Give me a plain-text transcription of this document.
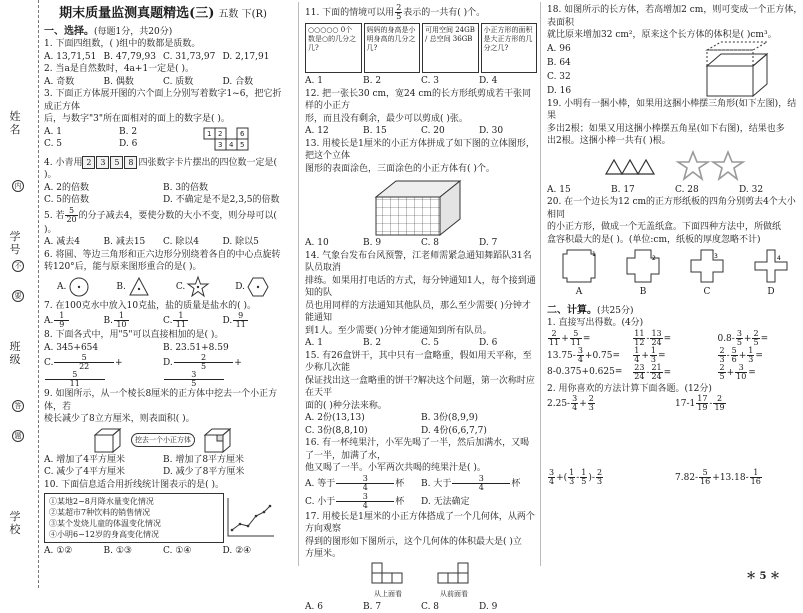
姓名
学号
班级
学校
内
不
要
答
题
期末质量监测真题精选(三) 五数 下(R)
一、选择。(每题1分，共20分)

1. 下面四组数，( )组中的数都是质数。

A. 13,71,51 B. 47,79,93 C. 31,73,97 D. 2,17,91

2. 当a是自然数时，4a+1一定是( )。

A. 奇数	B. 偶数	C. 质数	D. 合数

3. 下面正方体展开图的六个面上分别写着数字1~6，把它折成正方体
后，与数字"3"所在面相对的面上的数字是( )。

A. 1	B. 2
C. 5	D. 6
1 2
3 4 5
6

4. 小青用 2	3	5	8 四张数字卡片摆出的四位数一定是( )。

A. 2的倍数	B. 3的倍数
C. 5的倍数	D. 不确定是不是2,3,5的倍数

5. 若 $\frac{5}{20}$ 的分子减去4，要使分数的大小不变，则分母可以( )。

A. 减去4	B. 减去15	C. 除以4	D. 除以5

6. 将圆、等边三角形和正六边形分别绕着各自的中心点旋转
转120°后，能与原来图形重合的是( )。

A.	B.	C.	D.

7. 在100克水中放入10克盐，盐的质量是盐水的( )。

A. $\frac{1}{9}$	B. $\frac{1}{10}$	C. $\frac{1}{11}$	D. $\frac{9}{11}$

8. 下面各式中，用"5"可以直接相加的是( )。

A. 345+654	B. 23.51+8.59
C. $\frac{5}{22}$ +
$\frac{5}{11}$
D. $\frac{2}{5}$ +
$\frac{3}{5}$

9. 如图所示，从一个棱长8厘米的正方体中挖去一个小正方体，若
棱长减少了8立方厘米，则表面积( )。

挖去一个小正方体
A. 增加了4平方厘米	B. 增加了8平方厘米
C. 减少了4平方厘米	D. 减少了8平方厘米

10. 下面信息适合用折线统计图表示的是( )。

①某地2~8月降水量变化情况
②某超市7种饮料的销售情况
③某个发烧儿童的体温变化情况
④小明6~12岁的身高变化情况
A. ①②	B. ①③	C. ①④	D. ②④

11. 下面的情境可以用 $\frac{2}{5}$ 表示的一共有( )个。

○○○○○ 0个数是○的几分之几?
妈妈的身高是小明身高的几分之几?
可用空间 24GB / 总空间 36GB
小正方形的面积是大正方形的几分之几?
A. 1	B. 2	C. 3	D. 4

12. 把一张长30 cm，宽24 cm的长方形纸剪成若干张同样的小正方
形，而且没有剩余，最少可以剪成( )张。

A. 12	B. 15	C. 20	D. 30

13. 用棱长是1厘米的小正方体拼成了如下图的立体图形，把这个立体
图形的表面涂色，三面涂色的小正方体有( )个。

A. 10	B. 9	C. 8	D. 7

14. 气象台发布台风预警，江老师需紧急通知舞蹈队31名队员取消
排练。如果用打电话的方式，每分钟通知1人，每个接到通知的队
员也用同样的方法通知其他队员，那么至少需要( )分钟才能通知
到1人。至少需要( )分钟才能通知到所有队员。

A. 1	B. 2	C. 5	D. 6

15. 有26盒饼干，其中只有一盒略重，假如用天平称，至少称几次能
保证找出这一盒略重的饼干?解决这个问题，第一次称时应在天平
面的( )种分法来称。

A. 2份(13,13)	B. 3份(8,9,9)
C. 3份(8,8,10)	D. 4份(6,6,7,7)

16. 有一杯纯果汁，小军先喝了一半，然后加满水，又喝了一半，加满了水，
他又喝了一半。小军两次共喝的纯果汁是( )。

A. 等于 $\frac{3}{4}$ 杯	B. 大于 $\frac{3}{4}$ 杯
C. 小于 $\frac{3}{4}$ 杯	D. 无法确定

17. 用棱长是1厘米的小正方体搭成了一个几何体，从两个方向观察
得到的图形如下图所示，这个几何体的体积最大是( )立
方厘米。

从上面看	从前面看
A. 6	B. 7	C. 8	D. 9

18. 如图所示的长方体，若高增加2 cm，则可变成一个正方体，表面积
就比原来增加32 cm²，原来这个长方体的体积是( )cm³。

A. 96
B. 64
C. 32
D. 16

19. 小明有一捆小棒，如果用这捆小棒摆三角形(如下左图)，结果
多出2根；如果又用这捆小棒摆五角星(如下右图)，结果也多
出2根。这捆小棒一共有( )根。

A. 15	B. 17	C. 28	D. 32

20. 在一个边长为12 cm的正方形纸板的四角分别剪去4个大小相同
的小正方形，做成一个无盖纸盒。下面四种方法中，所做纸
盒容积最大的是( )。(单位:cm，纸板的厚度忽略不计)

1
A
2
B
3
C
4
D
二、计算。(共25分)

1. 直接写出得数。(4分)

$\frac{2}{11} + \frac{5}{11}$ =	$\frac{11}{12} - \frac{13}{24}$ =	$0.8- \frac{3}{5} + \frac{2}{5}$ =
$13.75- \frac{3}{4} +0.75=$	$\frac{1}{4} + \frac{1}{3}$ =	$\frac{2}{3} - \frac{5}{6} + \frac{1}{3}$ =
8-0.375+0.625=	$\frac{23}{24} - \frac{21}{24}$ =	$\frac{2}{5} + \frac{3}{10}$ =

2. 用你喜欢的方法计算下面各题。(12分)

$2.25- \frac{3}{4} + \frac{2}{3}$	$17-1 \frac{17}{19} - \frac{2}{19}$
$\frac{3}{4}$ +( $\frac{1}{3} - \frac{1}{5}$ )- $\frac{2}{3}$	$7.82- \frac{5}{16} +13.18- \frac{1}{16}$
＊ 5 ＊
